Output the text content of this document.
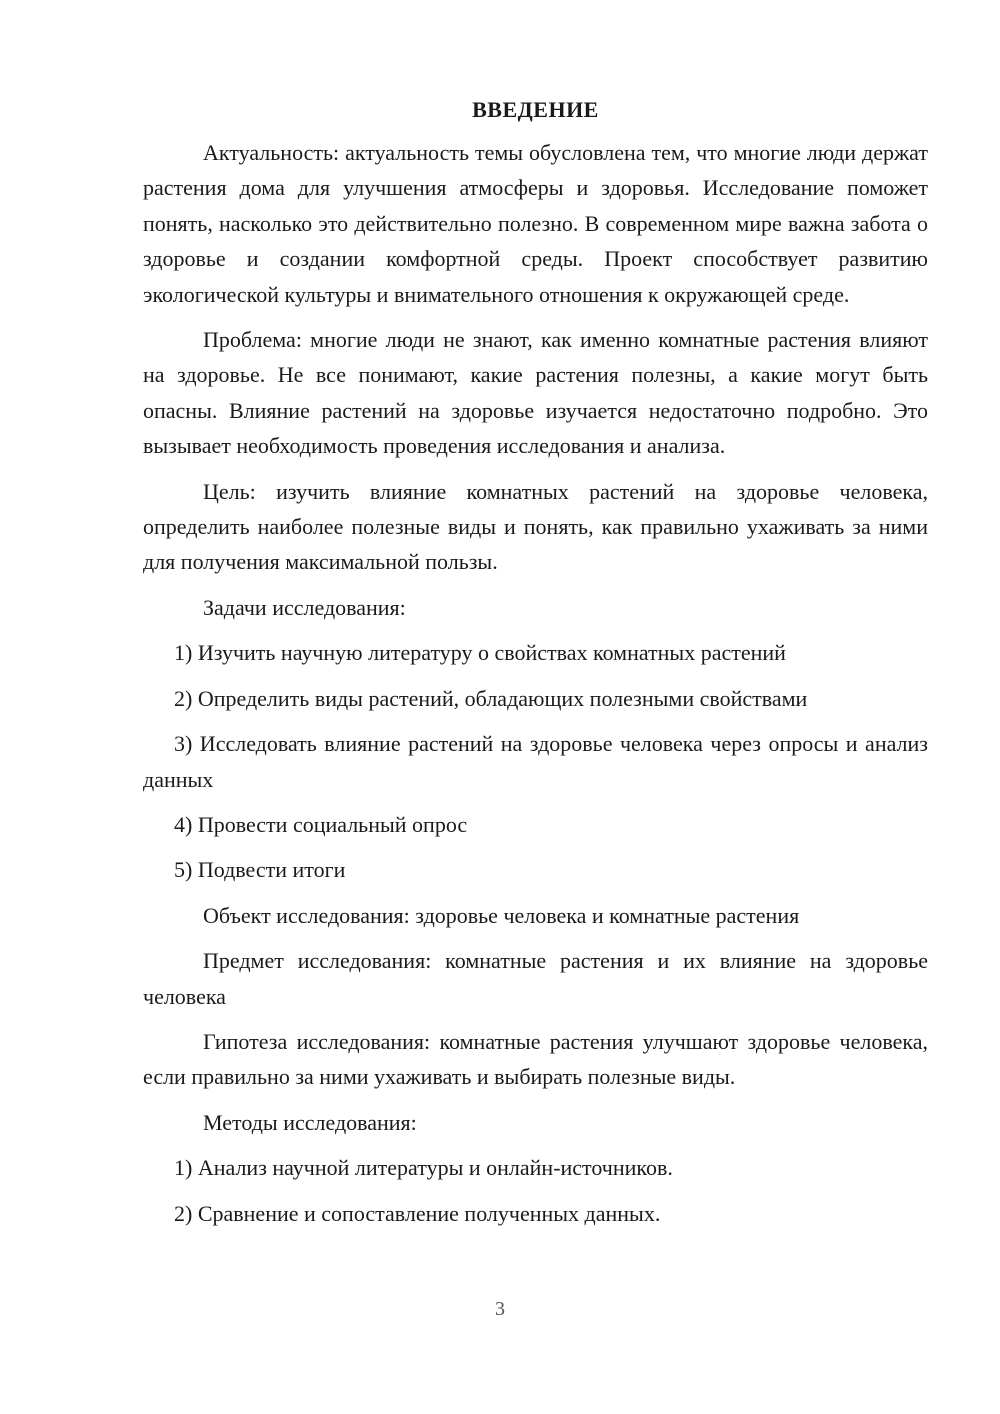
ВВЕДЕНИЕ
Актуальность: актуальность темы обусловлена тем, что многие люди держат растения дома для улучшения атмосферы и здоровья. Исследование поможет понять, насколько это действительно полезно. В современном мире важна забота о здоровье и создании комфортной среды. Проект способствует развитию экологической культуры и внимательного отношения к окружающей среде.
Проблема: многие люди не знают, как именно комнатные растения влияют на здоровье. Не все понимают, какие растения полезны, а какие могут быть опасны. Влияние растений на здоровье изучается недостаточно подробно. Это вызывает необходимость проведения исследования и анализа.
Цель: изучить влияние комнатных растений на здоровье человека, определить наиболее полезные виды и понять, как правильно ухаживать за ними для получения максимальной пользы.
Задачи исследования:
1) Изучить научную литературу о свойствах комнатных растений
2) Определить виды растений, обладающих полезными свойствами
3) Исследовать влияние растений на здоровье человека через опросы и анализ данных
4) Провести социальный опрос
5) Подвести итоги
Объект исследования: здоровье человека и комнатные растения
Предмет исследования: комнатные растения и их влияние на здоровье человека
Гипотеза исследования: комнатные растения улучшают здоровье человека, если правильно за ними ухаживать и выбирать полезные виды.
Методы исследования:
1) Анализ научной литературы и онлайн-источников.
2) Сравнение и сопоставление полученных данных.
3
